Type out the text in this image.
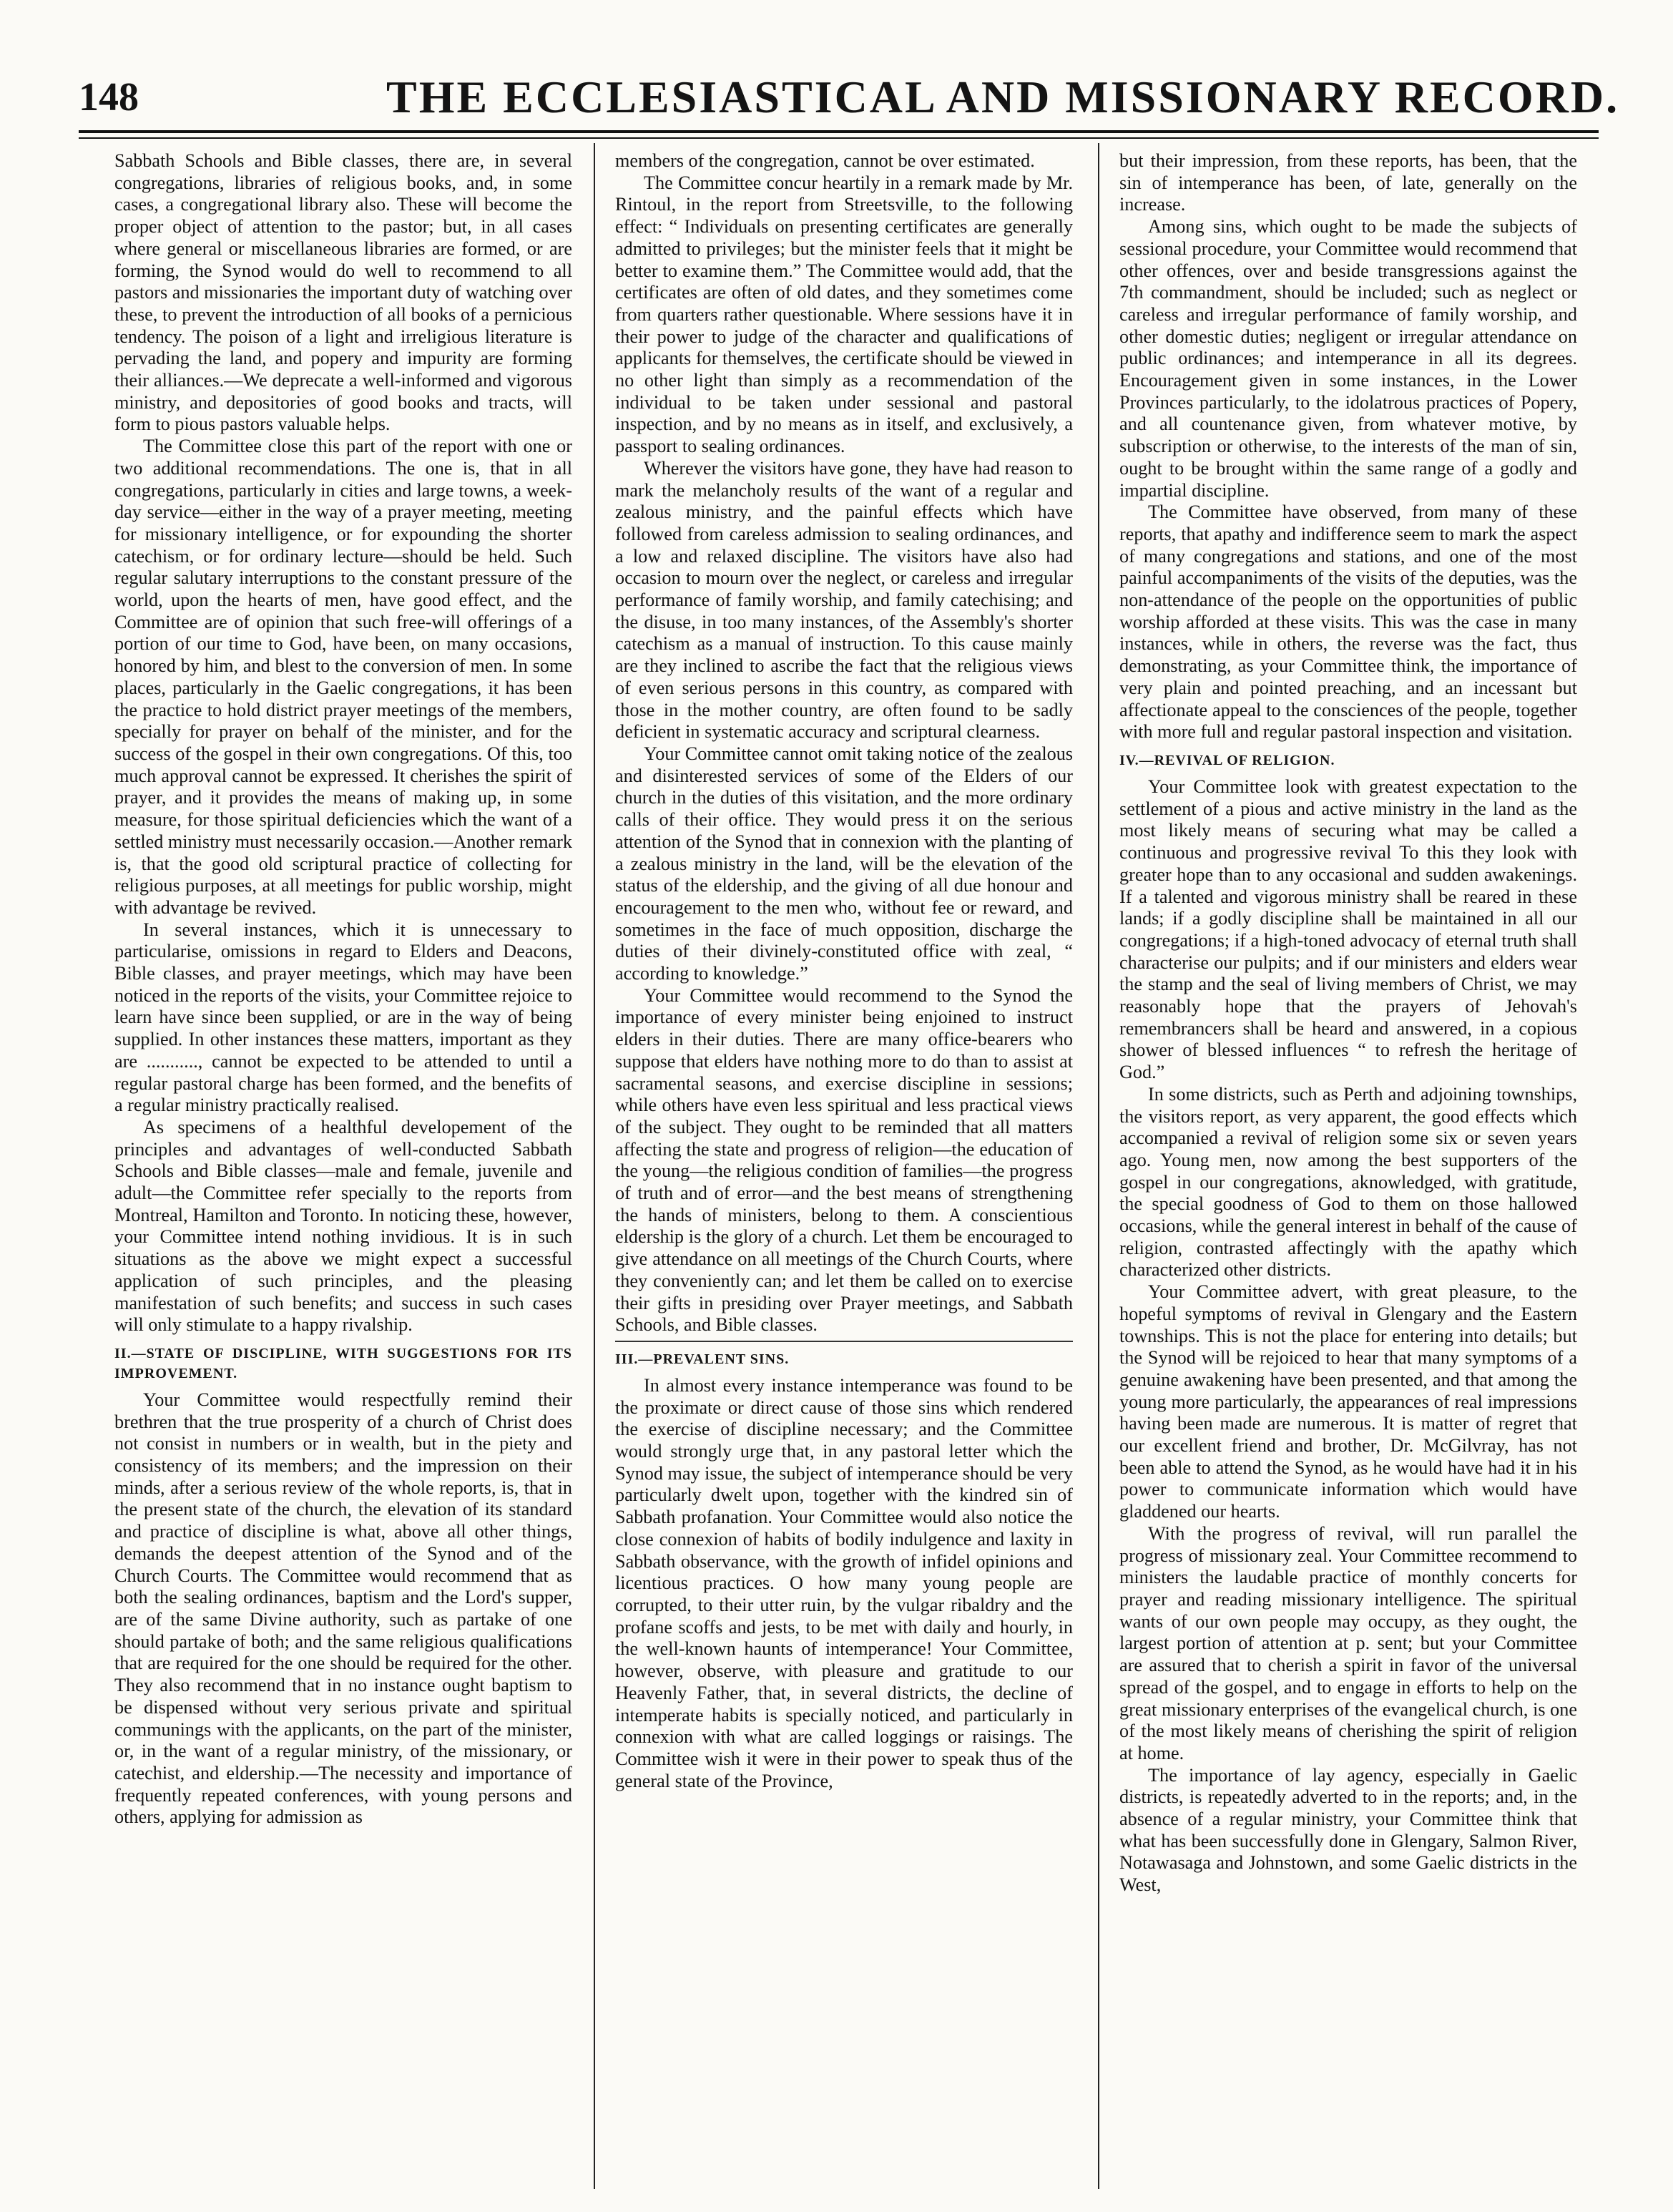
148	THE ECCLESIASTICAL AND MISSIONARY RECORD.

Sabbath Schools and Bible classes, there are, in several congregations, libraries of religious books, and, in some cases, a congregational library also. These will become the proper object of attention to the pastor; but, in all cases where general or miscellaneous libraries are formed, or are forming, the Synod would do well to recommend to all pastors and missionaries the important duty of watching over these, to prevent the introduction of all books of a pernicious tendency. The poison of a light and irreligious literature is pervading the land, and popery and impurity are forming their alliances.—We deprecate a well-informed and vigorous ministry, and depositories of good books and tracts, will form to pious pastors valuable helps.

The Committee close this part of the report with one or two additional recommendations. The one is, that in all congregations, particularly in cities and large towns, a week-day service—either in the way of a prayer meeting, meeting for missionary intelligence, or for expounding the shorter catechism, or for ordinary lecture—should be held. Such regular salutary interruptions to the constant pressure of the world, upon the hearts of men, have good effect, and the Committee are of opinion that such free-will offerings of a portion of our time to God, have been, on many occasions, honored by him, and blest to the conversion of men. In some places, particularly in the Gaelic congregations, it has been the practice to hold district prayer meetings of the members, specially for prayer on behalf of the minister, and for the success of the gospel in their own congregations. Of this, too much approval cannot be expressed. It cherishes the spirit of prayer, and it provides the means of making up, in some measure, for those spiritual deficiencies which the want of a settled ministry must necessarily occasion.—Another remark is, that the good old scriptural practice of collecting for religious purposes, at all meetings for public worship, might with advantage be revived.

In several instances, which it is unnecessary to particularise, omissions in regard to Elders and Deacons, Bible classes, and prayer meetings, which may have been noticed in the reports of the visits, your Committee rejoice to learn have since been supplied, or are in the way of being supplied. In other instances these matters, important as they are ..........., cannot be expected to be attended to until a regular pastoral charge has been formed, and the benefits of a regular ministry practically realised.

As specimens of a healthful developement of the principles and advantages of well-conducted Sabbath Schools and Bible classes—male and female, juvenile and adult—the Committee refer specially to the reports from Montreal, Hamilton and Toronto. In noticing these, however, your Committee intend nothing invidious. It is in such situations as the above we might expect a successful application of such principles, and the pleasing manifestation of such benefits; and success in such cases will only stimulate to a happy rivalship.

II.—STATE OF DISCIPLINE, WITH SUGGESTIONS FOR ITS IMPROVEMENT.

Your Committee would respectfully remind their brethren that the true prosperity of a church of Christ does not consist in numbers or in wealth, but in the piety and consistency of its members; and the impression on their minds, after a serious review of the whole reports, is, that in the present state of the church, the elevation of its standard and practice of discipline is what, above all other things, demands the deepest attention of the Synod and of the Church Courts. The Committee would recommend that as both the sealing ordinances, baptism and the Lord's supper, are of the same Divine authority, such as partake of one should partake of both; and the same religious qualifications that are required for the one should be required for the other. They also recommend that in no instance ought baptism to be dispensed without very serious private and spiritual communings with the applicants, on the part of the minister, or, in the want of a regular ministry, of the missionary, or catechist, and eldership.—The necessity and importance of frequently repeated conferences, with young persons and others, applying for admission as

members of the congregation, cannot be over estimated.

The Committee concur heartily in a remark made by Mr. Rintoul, in the report from Streetsville, to the following effect: “ Individuals on presenting certificates are generally admitted to privileges; but the minister feels that it might be better to examine them.” The Committee would add, that the certificates are often of old dates, and they sometimes come from quarters rather questionable. Where sessions have it in their power to judge of the character and qualifications of applicants for themselves, the certificate should be viewed in no other light than simply as a recommendation of the individual to be taken under sessional and pastoral inspection, and by no means as in itself, and exclusively, a passport to sealing ordinances.

Wherever the visitors have gone, they have had reason to mark the melancholy results of the want of a regular and zealous ministry, and the painful effects which have followed from careless admission to sealing ordinances, and a low and relaxed discipline. The visitors have also had occasion to mourn over the neglect, or careless and irregular performance of family worship, and family catechising; and the disuse, in too many instances, of the Assembly's shorter catechism as a manual of instruction. To this cause mainly are they inclined to ascribe the fact that the religious views of even serious persons in this country, as compared with those in the mother country, are often found to be sadly deficient in systematic accuracy and scriptural clearness.

Your Committee cannot omit taking notice of the zealous and disinterested services of some of the Elders of our church in the duties of this visitation, and the more ordinary calls of their office. They would press it on the serious attention of the Synod that in connexion with the planting of a zealous ministry in the land, will be the elevation of the status of the eldership, and the giving of all due honour and encouragement to the men who, without fee or reward, and sometimes in the face of much opposition, discharge the duties of their divinely-constituted office with zeal, “ according to knowledge.”

Your Committee would recommend to the Synod the importance of every minister being enjoined to instruct elders in their duties. There are many office-bearers who suppose that elders have nothing more to do than to assist at sacramental seasons, and exercise discipline in sessions; while others have even less spiritual and less practical views of the subject. They ought to be reminded that all matters affecting the state and progress of religion—the education of the young—the religious condition of families—the progress of truth and of error—and the best means of strengthening the hands of ministers, belong to them. A conscientious eldership is the glory of a church. Let them be encouraged to give attendance on all meetings of the Church Courts, where they conveniently can; and let them be called on to exercise their gifts in presiding over Prayer meetings, and Sabbath Schools, and Bible classes.

III.—PREVALENT SINS.

In almost every instance intemperance was found to be the proximate or direct cause of those sins which rendered the exercise of discipline necessary; and the Committee would strongly urge that, in any pastoral letter which the Synod may issue, the subject of intemperance should be very particularly dwelt upon, together with the kindred sin of Sabbath profanation. Your Committee would also notice the close connexion of habits of bodily indulgence and laxity in Sabbath observance, with the growth of infidel opinions and licentious practices. O how many young people are corrupted, to their utter ruin, by the vulgar ribaldry and the profane scoffs and jests, to be met with daily and hourly, in the well-known haunts of intemperance! Your Committee, however, observe, with pleasure and gratitude to our Heavenly Father, that, in several districts, the decline of intemperate habits is specially noticed, and particularly in connexion with what are called loggings or raisings. The Committee wish it were in their power to speak thus of the general state of the Province,

but their impression, from these reports, has been, that the sin of intemperance has been, of late, generally on the increase.

Among sins, which ought to be made the subjects of sessional procedure, your Committee would recommend that other offences, over and beside transgressions against the 7th commandment, should be included; such as neglect or careless and irregular performance of family worship, and other domestic duties; negligent or irregular attendance on public ordinances; and intemperance in all its degrees. Encouragement given in some instances, in the Lower Provinces particularly, to the idolatrous practices of Popery, and all countenance given, from whatever motive, by subscription or otherwise, to the interests of the man of sin, ought to be brought within the same range of a godly and impartial discipline.

The Committee have observed, from many of these reports, that apathy and indifference seem to mark the aspect of many congregations and stations, and one of the most painful accompaniments of the visits of the deputies, was the non-attendance of the people on the opportunities of public worship afforded at these visits. This was the case in many instances, while in others, the reverse was the fact, thus demonstrating, as your Committee think, the importance of very plain and pointed preaching, and an incessant but affectionate appeal to the consciences of the people, together with more full and regular pastoral inspection and visitation.

IV.—REVIVAL OF RELIGION.

Your Committee look with greatest expectation to the settlement of a pious and active ministry in the land as the most likely means of securing what may be called a continuous and progressive revival To this they look with greater hope than to any occasional and sudden awakenings. If a talented and vigorous ministry shall be reared in these lands; if a godly discipline shall be maintained in all our congregations; if a high-toned advocacy of eternal truth shall characterise our pulpits; and if our ministers and elders wear the stamp and the seal of living members of Christ, we may reasonably hope that the prayers of Jehovah's remembrancers shall be heard and answered, in a copious shower of blessed influences “ to refresh the heritage of God.”

In some districts, such as Perth and adjoining townships, the visitors report, as very apparent, the good effects which accompanied a revival of religion some six or seven years ago. Young men, now among the best supporters of the gospel in our congregations, aknowledged, with gratitude, the special goodness of God to them on those hallowed occasions, while the general interest in behalf of the cause of religion, contrasted affectingly with the apathy which characterized other districts.

Your Committee advert, with great pleasure, to the hopeful symptoms of revival in Glengary and the Eastern townships. This is not the place for entering into details; but the Synod will be rejoiced to hear that many symptoms of a genuine awakening have been presented, and that among the young more particularly, the appearances of real impressions having been made are numerous. It is matter of regret that our excellent friend and brother, Dr. McGilvray, has not been able to attend the Synod, as he would have had it in his power to communicate information which would have gladdened our hearts.

With the progress of revival, will run parallel the progress of missionary zeal. Your Committee recommend to ministers the laudable practice of monthly concerts for prayer and reading missionary intelligence. The spiritual wants of our own people may occupy, as they ought, the largest portion of attention at p. sent; but your Committee are assured that to cherish a spirit in favor of the universal spread of the gospel, and to engage in efforts to help on the great missionary enterprises of the evangelical church, is one of the most likely means of cherishing the spirit of religion at home.

The importance of lay agency, especially in Gaelic districts, is repeatedly adverted to in the reports; and, in the absence of a regular ministry, your Committee think that what has been successfully done in Glengary, Salmon River, Notawasaga and Johnstown, and some Gaelic districts in the West,
